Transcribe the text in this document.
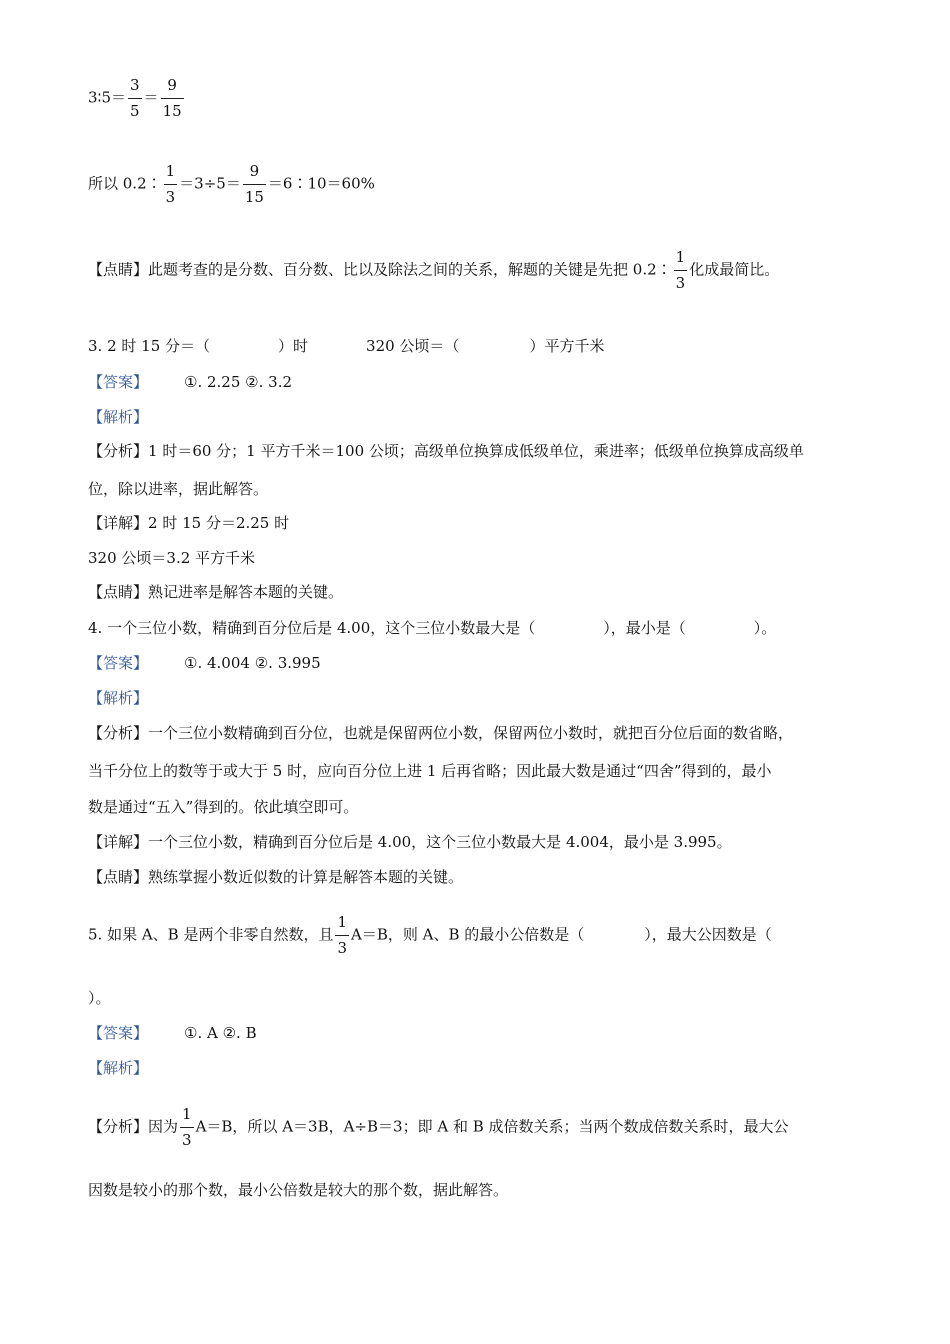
3∶5＝ $\frac{3}{5} = \frac{9}{15}$
所以 0.2∶ $\frac{1}{3} =3\div 5= \frac{9}{15}$ ＝6∶10＝60%
【点睛】此题考查的是分数、百分数、比以及除法之间的关系，解题的关键是先把 0.2∶ $\frac{1}{3}$ 化成最简比。
3. 2 时 15 分＝（	）时	320 公顷＝（	）平方千米
【答案】 ①. 2.25 ②. 3.2
【解析】
【分析】1 时＝60 分；1 平方千米＝100 公顷；高级单位换算成低级单位，乘进率；低级单位换算成高级单
位，除以进率，据此解答。
【详解】2 时 15 分＝2.25 时
320 公顷＝3.2 平方千米
【点睛】熟记进率是解答本题的关键。
4. 一个三位小数，精确到百分位后是 4.00，这个三位小数最大是（	），最小是（	）。
【答案】 ①. 4.004 ②. 3.995
【解析】
【分析】一个三位小数精确到百分位，也就是保留两位小数，保留两位小数时，就把百分位后面的数省略，
当千分位上的数等于或大于 5 时，应向百分位上进 1 后再省略；因此最大数是通过“四舍”得到的，最小
数是通过“五入”得到的。依此填空即可。
【详解】一个三位小数，精确到百分位后是 4.00，这个三位小数最大是 4.004，最小是 3.995。
【点睛】熟练掌握小数近似数的计算是解答本题的关键。
5. 如果 A、B 是两个非零自然数，且 $\frac{1}{3} A=B$，则 A、B 的最小公倍数是（	），最大公因数是（
）。
【答案】 ①. A ②. B
【解析】
【分析】因为 $\frac{1}{3} A=B$，所以 A＝3B，A÷B＝3；即 A 和 B 成倍数关系；当两个数成倍数关系时，最大公
因数是较小的那个数，最小公倍数是较大的那个数，据此解答。
